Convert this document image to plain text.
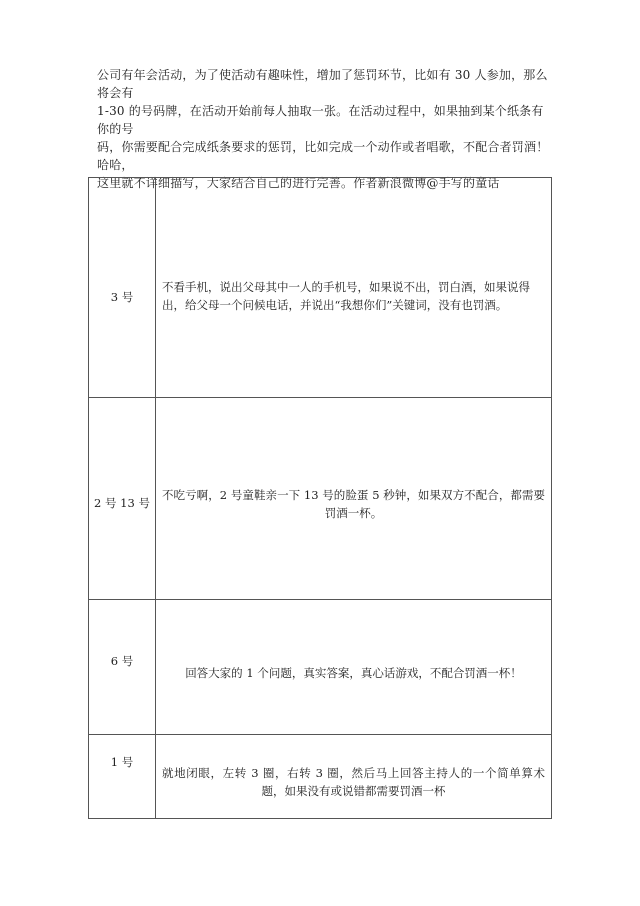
公司有年会活动，为了使活动有趣味性，增加了惩罚环节，比如有 30 人参加，那么将会有

1-30 的号码牌，在活动开始前每人抽取一张。在活动过程中，如果抽到某个纸条有你的号

码，你需要配合完成纸条要求的惩罚，比如完成一个动作或者唱歌，不配合者罚酒！哈哈，

这里就不详细描写，大家结合自己的进行完善。作者新浪微博@手写的童话

3 号	不看手机，说出父母其中一人的手机号，如果说不出，罚白酒，如果说得出，给父母一个问候电话，并说出“我想你们”关键词，没有也罚酒。

2 号 13 号	不吃亏啊，2 号童鞋亲一下 13 号的脸蛋 5 秒钟，如果双方不配合，都需要罚酒一杯。

6 号	回答大家的 1 个问题，真实答案，真心话游戏，不配合罚酒一杯！

1 号	就地闭眼，左转 3 圈，右转 3 圈，然后马上回答主持人的一个简单算术题，如果没有或说错都需要罚酒一杯
